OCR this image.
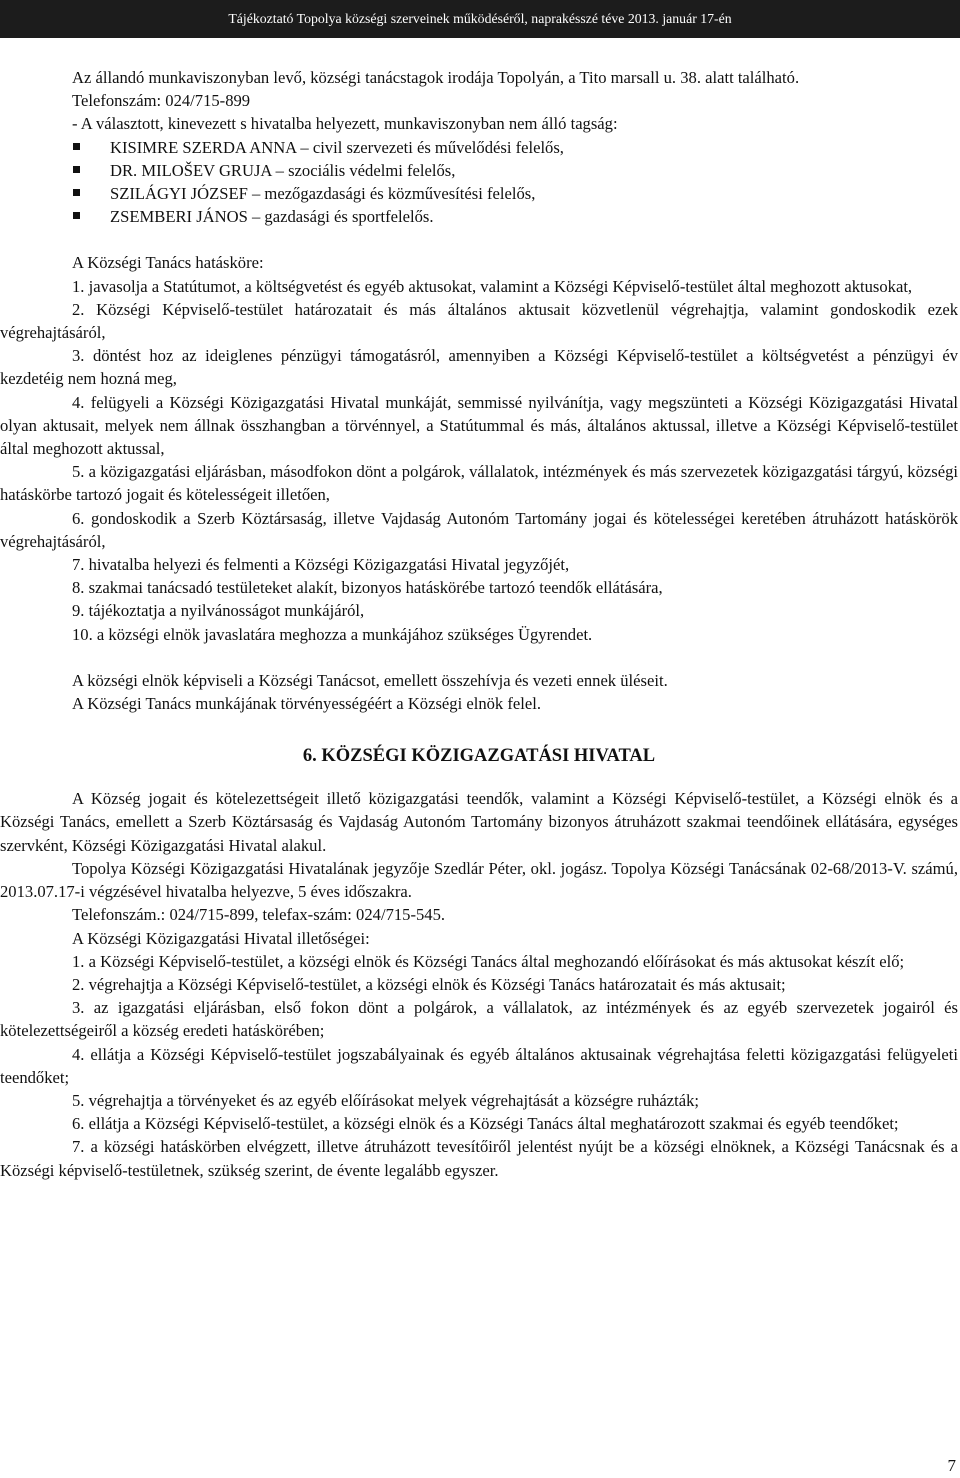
Tájékoztató Topolya községi szerveinek működéséről, naprakésszé téve 2013. január 17-én

Az állandó munkaviszonyban levő, községi tanácstagok irodája Topolyán, a Tito marsall u. 38. alatt található.

Telefonszám: 024/715-899

- A választott, kinevezett s hivatalba helyezett, munkaviszonyban nem álló tagság:

KISIMRE SZERDA ANNA – civil szervezeti és művelődési felelős,
DR. MILOŠEV GRUJA – szociális védelmi felelős,
SZILÁGYI JÓZSEF – mezőgazdasági és közművesítési felelős,
ZSEMBERI JÁNOS – gazdasági és sportfelelős.

A Községi Tanács hatásköre:

1. javasolja a Statútumot, a költségvetést és egyéb aktusokat, valamint a Községi Képviselő-testület által meghozott aktusokat,

2. Községi Képviselő-testület határozatait és más általános aktusait közvetlenül végrehajtja, valamint gondoskodik ezek végrehajtásáról,

3. döntést hoz az ideiglenes pénzügyi támogatásról, amennyiben a Községi Képviselő-testület a költségvetést a pénzügyi év kezdetéig nem hozná meg,

4. felügyeli a Községi Közigazgatási Hivatal munkáját, semmissé nyilvánítja, vagy megszünteti a Községi Közigazgatási Hivatal olyan aktusait, melyek nem állnak összhangban a törvénnyel, a Statútummal és más, általános aktussal, illetve a Községi Képviselő-testület által meghozott aktussal,

5. a közigazgatási eljárásban, másodfokon dönt a polgárok, vállalatok, intézmények és más szervezetek közigazgatási tárgyú, községi hatáskörbe tartozó jogait és kötelességeit illetően,

6. gondoskodik a Szerb Köztársaság, illetve Vajdaság Autonóm Tartomány jogai és kötelességei keretében átruházott hatáskörök végrehajtásáról,

7. hivatalba helyezi és felmenti a Községi Közigazgatási Hivatal jegyzőjét,

8. szakmai tanácsadó testületeket alakít, bizonyos hatáskörébe tartozó teendők ellátására,

9. tájékoztatja a nyilvánosságot munkájáról,

10. a községi elnök javaslatára meghozza a munkájához szükséges Ügyrendet.

A községi elnök képviseli a Községi Tanácsot, emellett összehívja és vezeti ennek üléseit.

A Községi Tanács munkájának törvényességéért a Községi elnök felel.

6. KÖZSÉGI KÖZIGAZGATÁSI HIVATAL

A Község jogait és kötelezettségeit illető közigazgatási teendők, valamint a Községi Képviselő-testület, a Községi elnök és a Községi Tanács, emellett a Szerb Köztársaság és Vajdaság Autonóm Tartomány bizonyos átruházott szakmai teendőinek ellátására, egységes szervként, Községi Közigazgatási Hivatal alakul.

Topolya Községi Közigazgatási Hivatalának jegyzője Szedlár Péter, okl. jogász. Topolya Községi Tanácsának 02-68/2013-V. számú, 2013.07.17-i végzésével hivatalba helyezve, 5 éves időszakra.

Telefonszám.: 024/715-899, telefax-szám: 024/715-545.

A Községi Közigazgatási Hivatal illetőségei:

1. a Községi Képviselő-testület, a községi elnök és Községi Tanács által meghozandó előírásokat és más aktusokat készít elő;

2. végrehajtja a Községi Képviselő-testület, a községi elnök és Községi Tanács határozatait és más aktusait;

3. az igazgatási eljárásban, első fokon dönt a polgárok, a vállalatok, az intézmények és az egyéb szervezetek jogairól és kötelezettségeiről a község eredeti hatáskörében;

4. ellátja a Községi Képviselő-testület jogszabályainak és egyéb általános aktusainak végrehajtása feletti közigazgatási felügyeleti teendőket;

5. végrehajtja a törvényeket és az egyéb előírásokat melyek végrehajtását a községre ruházták;

6. ellátja a Községi Képviselő-testület, a községi elnök és a Községi Tanács által meghatározott szakmai és egyéb teendőket;

7. a községi hatáskörben elvégzett, illetve átruházott tevesítőiről jelentést nyújt be a községi elnöknek, a Községi Tanácsnak és a Községi képviselő-testületnek, szükség szerint, de évente legalább egyszer.

7
